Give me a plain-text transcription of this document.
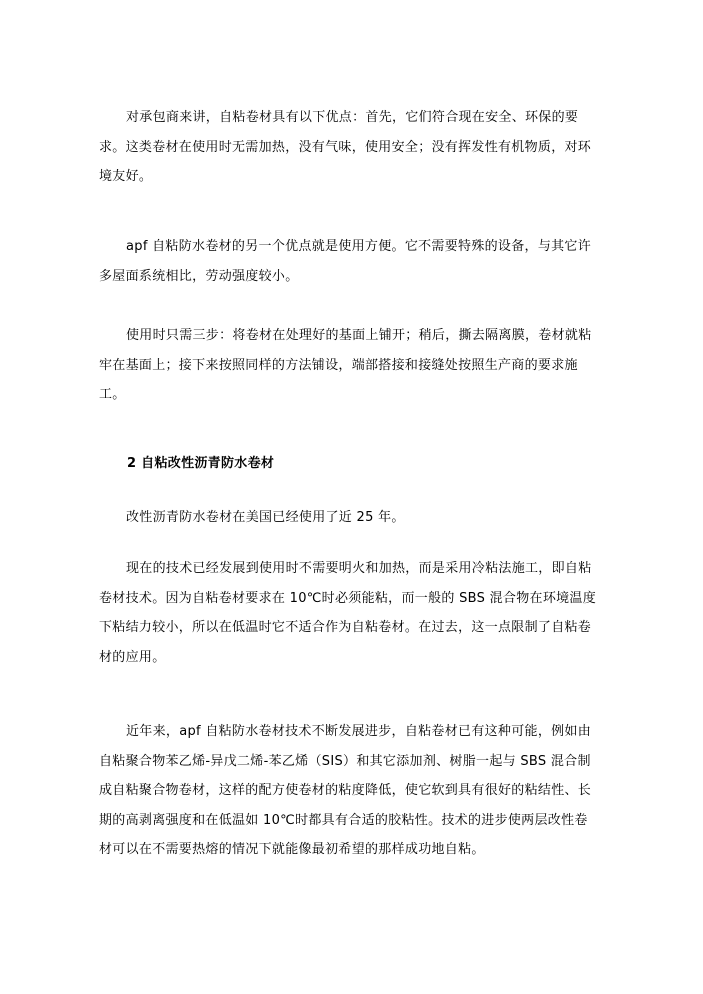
对承包商来讲，自粘卷材具有以下优点：首先，它们符合现在安全、环保的要求。这类卷材在使用时无需加热，没有气味，使用安全；没有挥发性有机物质，对环境友好。

apf 自粘防水卷材的另一个优点就是使用方便。它不需要特殊的设备，与其它许多屋面系统相比，劳动强度较小。

使用时只需三步：将卷材在处理好的基面上铺开；稍后，撕去隔离膜，卷材就粘牢在基面上；接下来按照同样的方法铺设，端部搭接和接缝处按照生产商的要求施工。

2 自粘改性沥青防水卷材

改性沥青防水卷材在美国已经使用了近 25 年。

现在的技术已经发展到使用时不需要明火和加热，而是采用冷粘法施工，即自粘卷材技术。因为自粘卷材要求在 10℃时必须能粘，而一般的 SBS 混合物在环境温度下粘结力较小，所以在低温时它不适合作为自粘卷材。在过去，这一点限制了自粘卷材的应用。

近年来，apf 自粘防水卷材技术不断发展进步，自粘卷材已有这种可能，例如由自粘聚合物苯乙烯-异戊二烯-苯乙烯（SIS）和其它添加剂、树脂一起与 SBS 混合制成自粘聚合物卷材，这样的配方使卷材的粘度降低，使它软到具有很好的粘结性、长期的高剥离强度和在低温如 10℃时都具有合适的胶粘性。技术的进步使两层改性卷材可以在不需要热熔的情况下就能像最初希望的那样成功地自粘。
